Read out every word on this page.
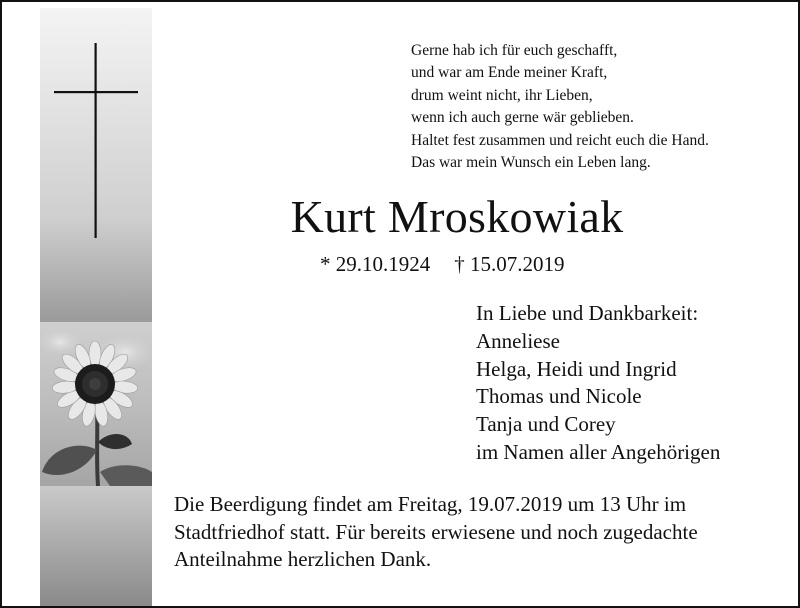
Gerne hab ich für euch geschafft,
und war am Ende meiner Kraft,
drum weint nicht, ihr Lieben,
wenn ich auch gerne wär geblieben.
Haltet fest zusammen und reicht euch die Hand.
Das war mein Wunsch ein Leben lang.
Kurt Mroskowiak
* 29.10.1924 † 15.07.2019
In Liebe und Dankbarkeit:
Anneliese
Helga, Heidi und Ingrid
Thomas und Nicole
Tanja und Corey
im Namen aller Angehörigen
Die Beerdigung findet am Freitag, 19.07.2019 um 13 Uhr im
Stadtfriedhof statt. Für bereits erwiesene und noch zugedachte
Anteilnahme herzlichen Dank.
